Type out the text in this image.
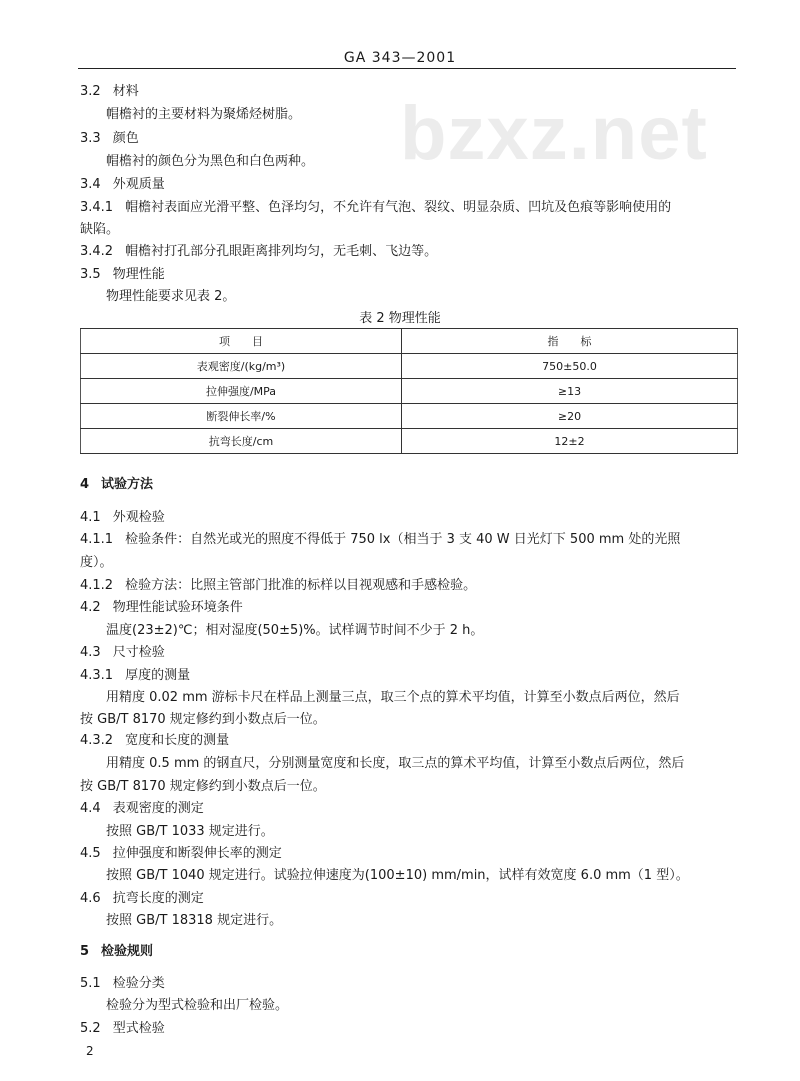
bzxz.net
GA 343—2001
3.2 材料
帽檐衬的主要材料为聚烯烃树脂。
3.3 颜色
帽檐衬的颜色分为黑色和白色两种。
3.4 外观质量
3.4.1 帽檐衬表面应光滑平整、色泽均匀，不允许有气泡、裂纹、明显杂质、凹坑及色痕等影响使用的
缺陷。
3.4.2 帽檐衬打孔部分孔眼距离排列均匀，无毛刺、飞边等。
3.5 物理性能
物理性能要求见表 2。
表 2 物理性能
项　　目	指　　标
表观密度/(kg/m³)	750±50.0
拉伸强度/MPa	≥13
断裂伸长率/%	≥20
抗弯长度/cm	12±2
4 试验方法
4.1 外观检验
4.1.1 检验条件：自然光或光的照度不得低于 750 lx（相当于 3 支 40 W 日光灯下 500 mm 处的光照
度）。
4.1.2 检验方法：比照主管部门批准的标样以目视观感和手感检验。
4.2 物理性能试验环境条件
温度(23±2)℃；相对湿度(50±5)%。试样调节时间不少于 2 h。
4.3 尺寸检验
4.3.1 厚度的测量
用精度 0.02 mm 游标卡尺在样品上测量三点，取三个点的算术平均值，计算至小数点后两位，然后
按 GB/T 8170 规定修约到小数点后一位。
4.3.2 宽度和长度的测量
用精度 0.5 mm 的钢直尺，分别测量宽度和长度，取三点的算术平均值，计算至小数点后两位，然后
按 GB/T 8170 规定修约到小数点后一位。
4.4 表观密度的测定
按照 GB/T 1033 规定进行。
4.5 拉伸强度和断裂伸长率的测定
按照 GB/T 1040 规定进行。试验拉伸速度为(100±10) mm/min，试样有效宽度 6.0 mm（1 型）。
4.6 抗弯长度的测定
按照 GB/T 18318 规定进行。
5 检验规则
5.1 检验分类
检验分为型式检验和出厂检验。
5.2 型式检验
2
